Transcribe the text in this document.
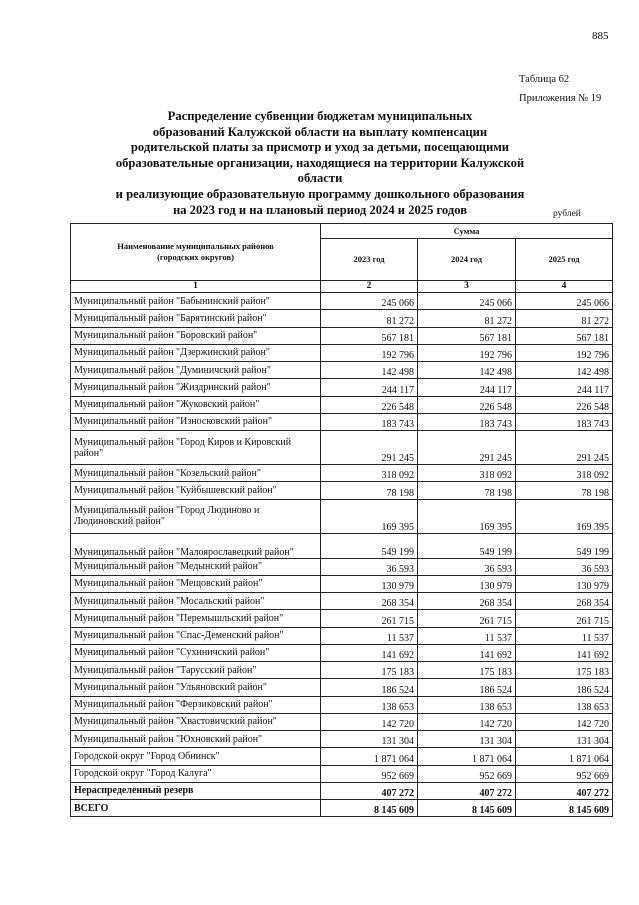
885
Таблица 62
Приложения № 19
Распределение субвенции бюджетам муниципальных
образований Калужской области на выплату компенсации
родительской платы за присмотр и уход за детьми, посещающими
образовательные организации, находящиеся на территории Калужской области
и реализующие образовательную программу дошкольного образования
на 2023 год и на плановый период 2024 и 2025 годов	рублей
Наименование муниципальных районов (городских округов)	Сумма		
	2023 год	2024 год	2025 год
1	2	3	4
Муниципальный район "Бабынинский район"	245 066	245 066	245 066
Муниципальный район "Барятинский район"	81 272	81 272	81 272
Муниципальный район "Боровский район"	567 181	567 181	567 181
Муниципальный район "Дзержинский район"	192 796	192 796	192 796
Муниципальный район "Думиничский район"	142 498	142 498	142 498
Муниципальный район "Жиздринский район"	244 117	244 117	244 117
Муниципальный район "Жуковский район"	226 548	226 548	226 548
Муниципальный район "Износковский район"	183 743	183 743	183 743
Муниципальный район "Город Киров и Кировский район"	291 245	291 245	291 245
Муниципальный район "Козельский район"	318 092	318 092	318 092
Муниципальный район "Куйбышевский район"	78 198	78 198	78 198
Муниципальный район "Город Людиново и Людиновский район"	169 395	169 395	169 395
Муниципальный район "Малоярославецкий район"	549 199	549 199	549 199
Муниципальный район "Медынский район"	36 593	36 593	36 593
Муниципальный район "Мещовский район"	130 979	130 979	130 979
Муниципальный район "Мосальский район"	268 354	268 354	268 354
Муниципальный район "Перемышльский район"	261 715	261 715	261 715
Муниципальный район "Спас-Деменский район"	11 537	11 537	11 537
Муниципальный район "Сухиничский район"	141 692	141 692	141 692
Муниципальный район "Тарусский район"	175 183	175 183	175 183
Муниципальный район "Ульяновский район"	186 524	186 524	186 524
Муниципальный район "Ферзиковский район"	138 653	138 653	138 653
Муниципальный район "Хвастовичский район"	142 720	142 720	142 720
Муниципальный район "Юхновский район"	131 304	131 304	131 304
Городской округ "Город Обнинск"	1 871 064	1 871 064	1 871 064
Городской округ "Город Калуга"	952 669	952 669	952 669
Нераспределенный резерв	407 272	407 272	407 272
ВСЕГО	8 145 609	8 145 609	8 145 609
